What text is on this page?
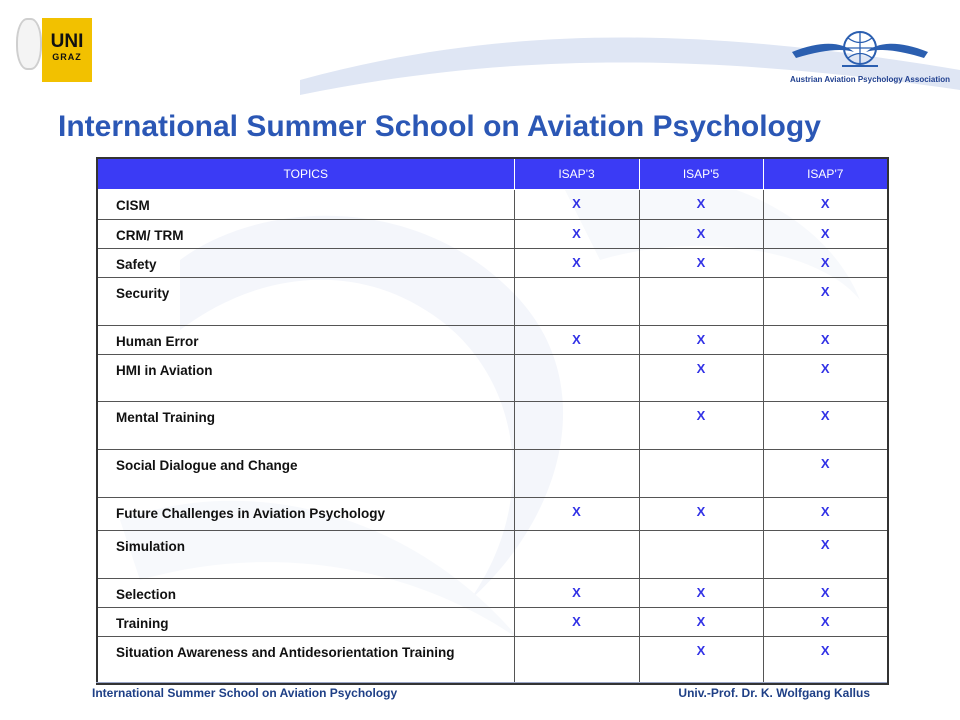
UNI
GRAZ
Austrian Aviation Psychology Association
International Summer School on Aviation Psychology
TOPICS	ISAP'3	ISAP'5	ISAP'7
CISM	X	X	X
CRM/ TRM	X	X	X
Safety	X	X	X
Security			X
Human Error	X	X	X
HMI in Aviation		X	X
Mental Training		X	X
Social Dialogue and Change			X
Future Challenges in Aviation Psychology	X	X	X
Simulation			X
Selection	X	X	X
Training	X	X	X
Situation Awareness and Antidesorientation Training		X	X
International Summer School on Aviation Psychology	Univ.-Prof. Dr. K. Wolfgang Kallus
